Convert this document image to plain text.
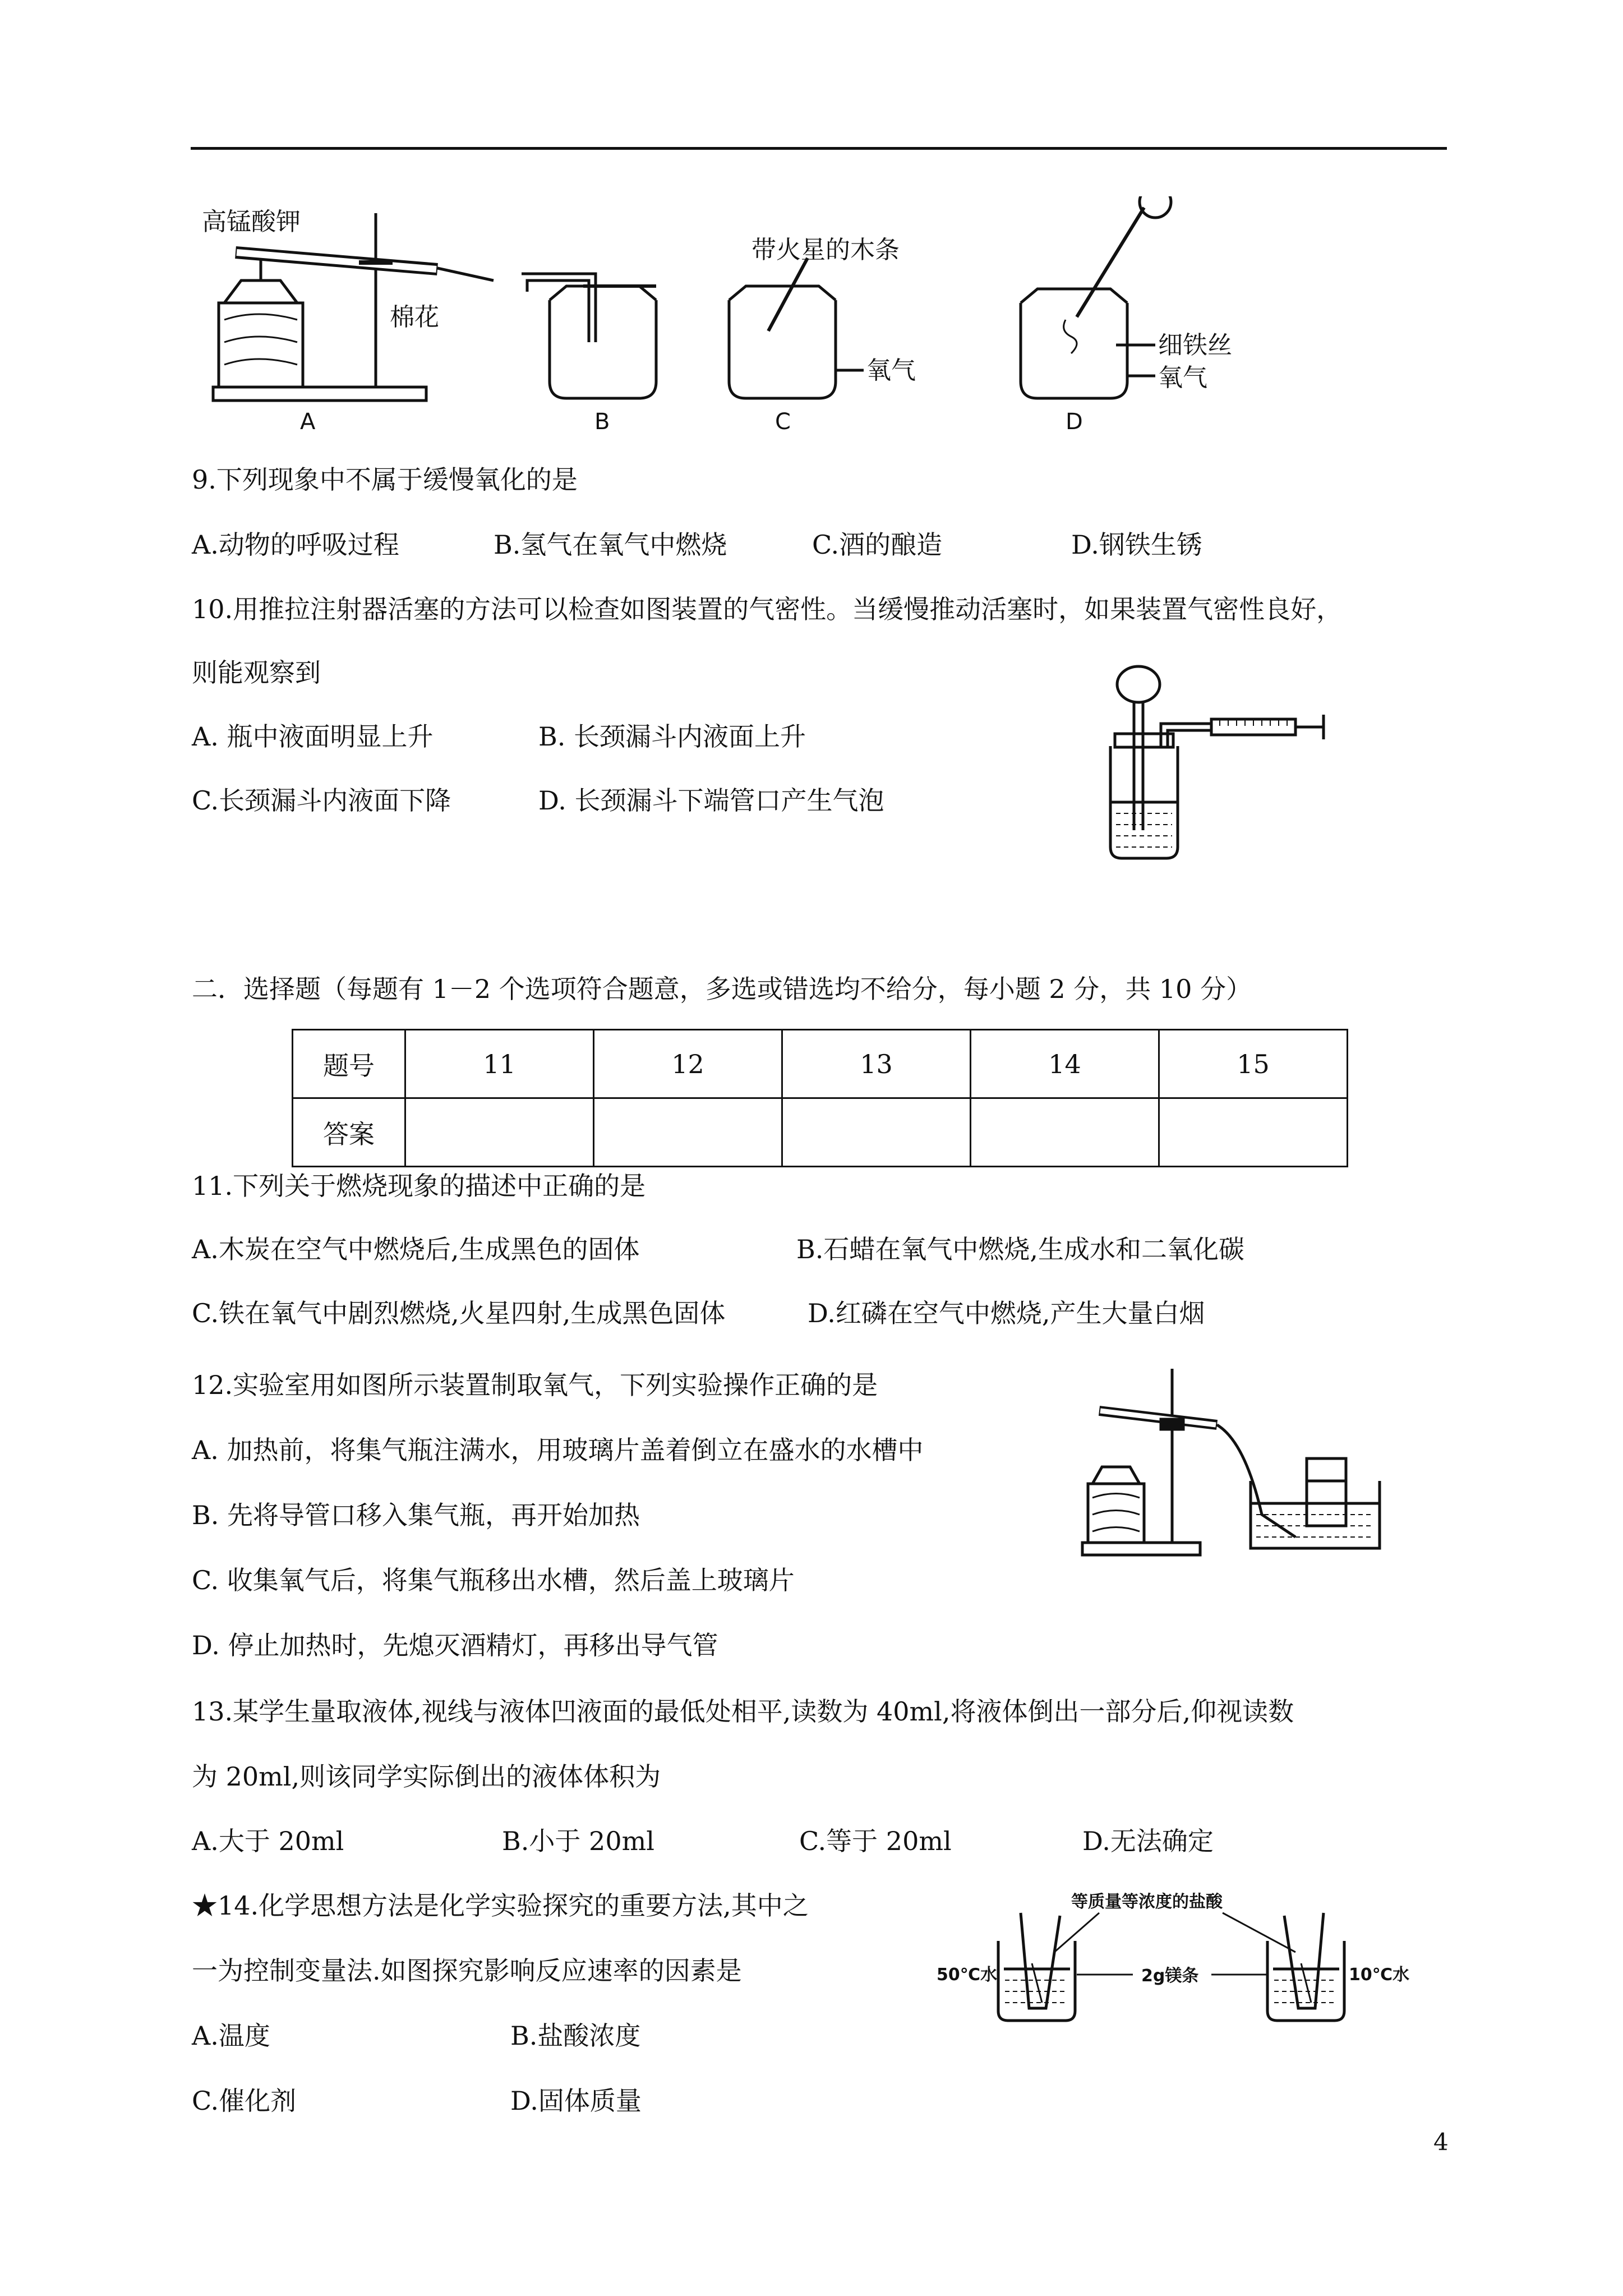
高锰酸钾
棉花
A	B
带火星的木条
氧气
C
细铁丝
氧气
D
9.下列现象中不属于缓慢氧化的是
A.动物的呼吸过程	B.氢气在氧气中燃烧	C.酒的酿造	D.钢铁生锈
10.用推拉注射器活塞的方法可以检查如图装置的气密性。当缓慢推动活塞时，如果装置气密性良好，
则能观察到
A. 瓶中液面明显上升	B. 长颈漏斗内液面上升
C.长颈漏斗内液面下降	D. 长颈漏斗下端管口产生气泡
二．选择题（每题有 1－2 个选项符合题意，多选或错选均不给分，每小题 2 分，共 10 分）
题号	11	12	13	14	15
答案					
11.下列关于燃烧现象的描述中正确的是
A.木炭在空气中燃烧后,生成黑色的固体	B.石蜡在氧气中燃烧,生成水和二氧化碳
C.铁在氧气中剧烈燃烧,火星四射,生成黑色固体	D.红磷在空气中燃烧,产生大量白烟
12.实验室用如图所示装置制取氧气，下列实验操作正确的是
A. 加热前，将集气瓶注满水，用玻璃片盖着倒立在盛水的水槽中
B. 先将导管口移入集气瓶，再开始加热
C. 收集氧气后，将集气瓶移出水槽，然后盖上玻璃片
D. 停止加热时，先熄灭酒精灯，再移出导气管
13.某学生量取液体,视线与液体凹液面的最低处相平,读数为 40ml,将液体倒出一部分后,仰视读数
为 20ml,则该同学实际倒出的液体体积为
A.大于 20ml	B.小于 20ml	C.等于 20ml	D.无法确定
★14.化学思想方法是化学实验探究的重要方法,其中之
一为控制变量法.如图探究影响反应速率的因素是
A.温度	B.盐酸浓度
C.催化剂	D.固体质量
等质量等浓度的盐酸
50℃水	2g镁条	10℃水
4
